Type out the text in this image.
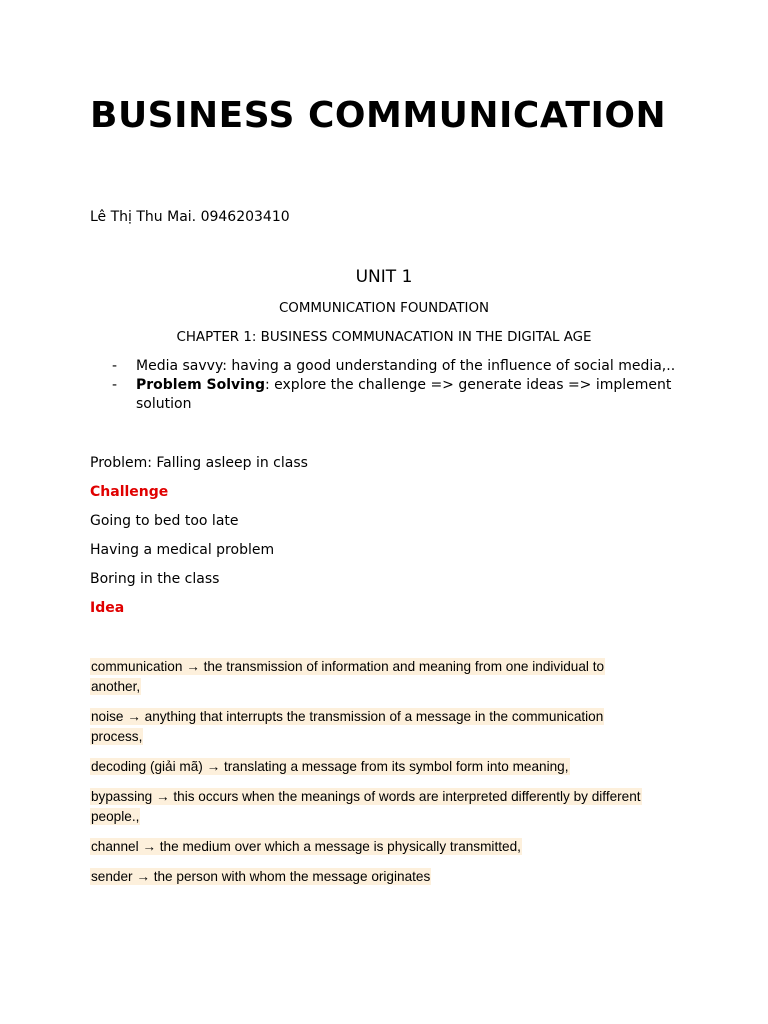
BUSINESS COMMUNICATION
Lê Thị Thu Mai. 0946203410
UNIT 1
COMMUNICATION FOUNDATION
CHAPTER 1: BUSINESS COMMUNACATION IN THE DIGITAL AGE
- Media savvy: having a good understanding of the influence of social media,..
- Problem Solving: explore the challenge => generate ideas => implement
solution
Problem: Falling asleep in class
Challenge
Going to bed too late
Having a medical problem
Boring in the class
Idea
communication → the transmission of information and meaning from one individual to
another,
noise → anything that interrupts the transmission of a message in the communication
process,
decoding (giải mã) → translating a message from its symbol form into meaning,
bypassing → this occurs when the meanings of words are interpreted differently by different
people.,
channel → the medium over which a message is physically transmitted,
sender → the person with whom the message originates
